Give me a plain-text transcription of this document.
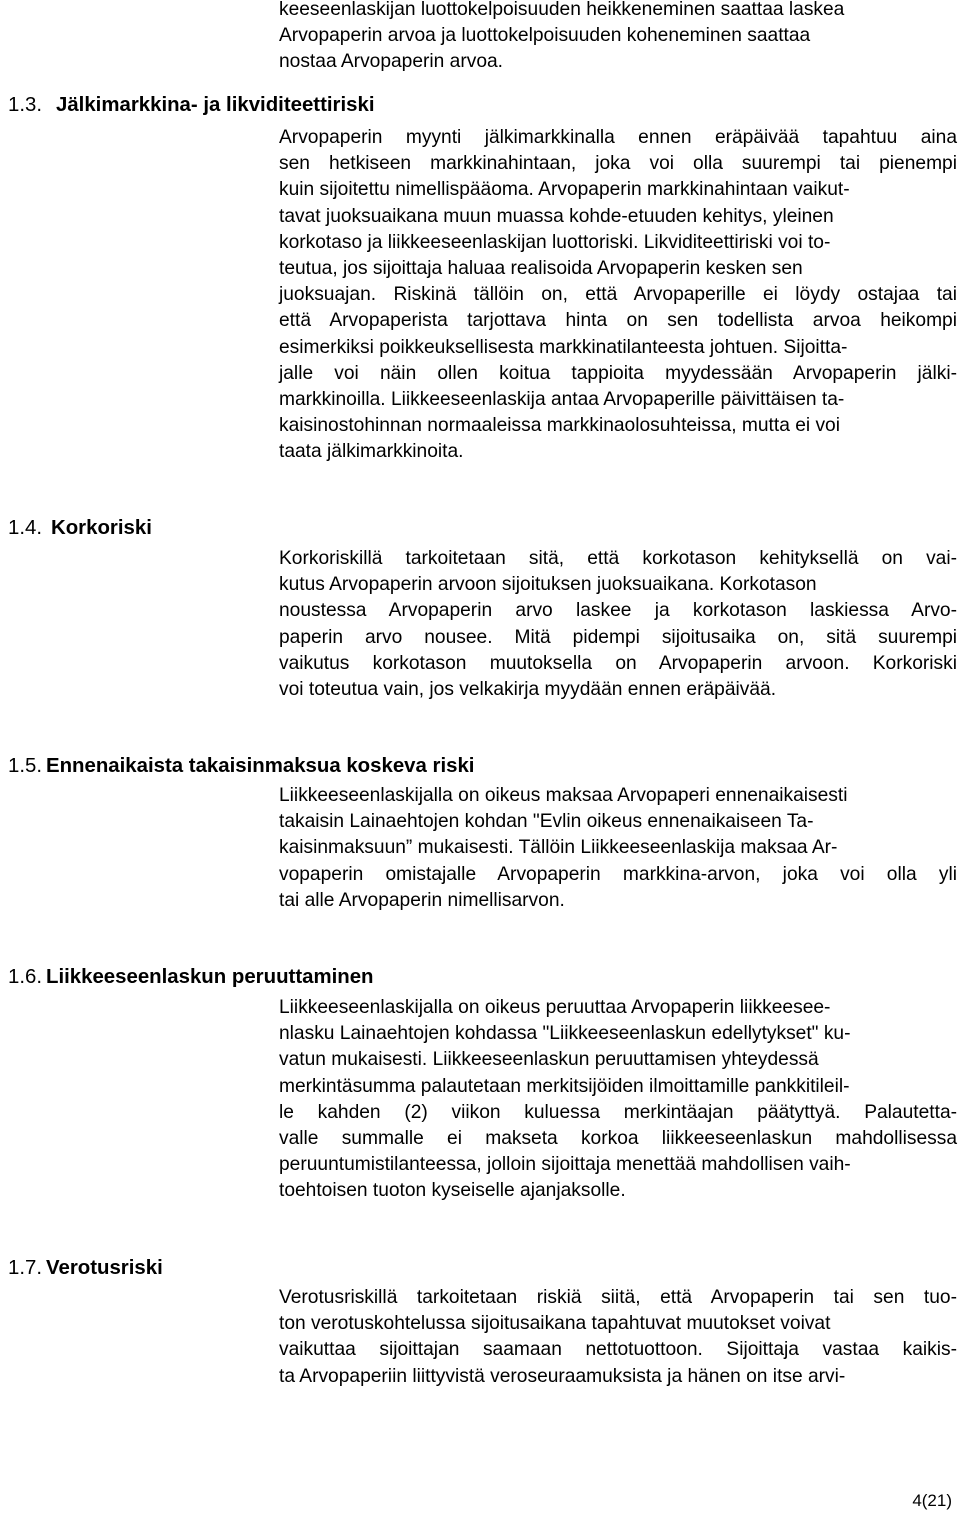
keeseenlaskijan luottokelpoisuuden heikkeneminen saattaa laskea
Arvopaperin arvoa ja luottokelpoisuuden koheneminen saattaa
nostaa Arvopaperin arvoa.
1.3. Jälkimarkkina- ja likviditeettiriski
Arvopaperin myynti jälkimarkkinalla ennen eräpäivää tapahtuu aina
sen hetkiseen markkinahintaan, joka voi olla suurempi tai pienempi
kuin sijoitettu nimellispääoma. Arvopaperin markkinahintaan vaikut-
tavat juoksuaikana muun muassa kohde-etuuden kehitys, yleinen
korkotaso ja liikkeeseenlaskijan luottoriski. Likviditeettiriski voi to-
teutua, jos sijoittaja haluaa realisoida Arvopaperin kesken sen
juoksuajan. Riskinä tällöin on, että Arvopaperille ei löydy ostajaa tai
että Arvopaperista tarjottava hinta on sen todellista arvoa heikompi
esimerkiksi poikkeuksellisesta markkinatilanteesta johtuen. Sijoitta-
jalle voi näin ollen koitua tappioita myydessään Arvopaperin jälki-
markkinoilla. Liikkeeseenlaskija antaa Arvopaperille päivittäisen ta-
kaisinostohinnan normaaleissa markkinaolosuhteissa, mutta ei voi
taata jälkimarkkinoita.
1.4. Korkoriski
Korkoriskillä tarkoitetaan sitä, että korkotason kehityksellä on vai-
kutus Arvopaperin arvoon sijoituksen juoksuaikana. Korkotason
noustessa Arvopaperin arvo laskee ja korkotason laskiessa Arvo-
paperin arvo nousee. Mitä pidempi sijoitusaika on, sitä suurempi
vaikutus korkotason muutoksella on Arvopaperin arvoon. Korkoriski
voi toteutua vain, jos velkakirja myydään ennen eräpäivää.
1.5. Ennenaikaista takaisinmaksua koskeva riski
Liikkeeseenlaskijalla on oikeus maksaa Arvopaperi ennenaikaisesti
takaisin Lainaehtojen kohdan "Evlin oikeus ennenaikaiseen Ta-
kaisinmaksuun” mukaisesti. Tällöin Liikkeeseenlaskija maksaa Ar-
vopaperin omistajalle Arvopaperin markkina-arvon, joka voi olla yli
tai alle Arvopaperin nimellisarvon.
1.6. Liikkeeseenlaskun peruuttaminen
Liikkeeseenlaskijalla on oikeus peruuttaa Arvopaperin liikkeesee-
nlasku Lainaehtojen kohdassa "Liikkeeseenlaskun edellytykset" ku-
vatun mukaisesti. Liikkeeseenlaskun peruuttamisen yhteydessä
merkintäsumma palautetaan merkitsijöiden ilmoittamille pankkitileil-
le kahden (2) viikon kuluessa merkintäajan päätyttyä. Palautetta-
valle summalle ei makseta korkoa liikkeeseenlaskun mahdollisessa
peruuntumistilanteessa, jolloin sijoittaja menettää mahdollisen vaih-
toehtoisen tuoton kyseiselle ajanjaksolle.
1.7. Verotusriski
Verotusriskillä tarkoitetaan riskiä siitä, että Arvopaperin tai sen tuo-
ton verotuskohtelussa sijoitusaikana tapahtuvat muutokset voivat
vaikuttaa sijoittajan saamaan nettotuottoon. Sijoittaja vastaa kaikis-
ta Arvopaperiin liittyvistä veroseuraamuksista ja hänen on itse arvi-
4(21)
